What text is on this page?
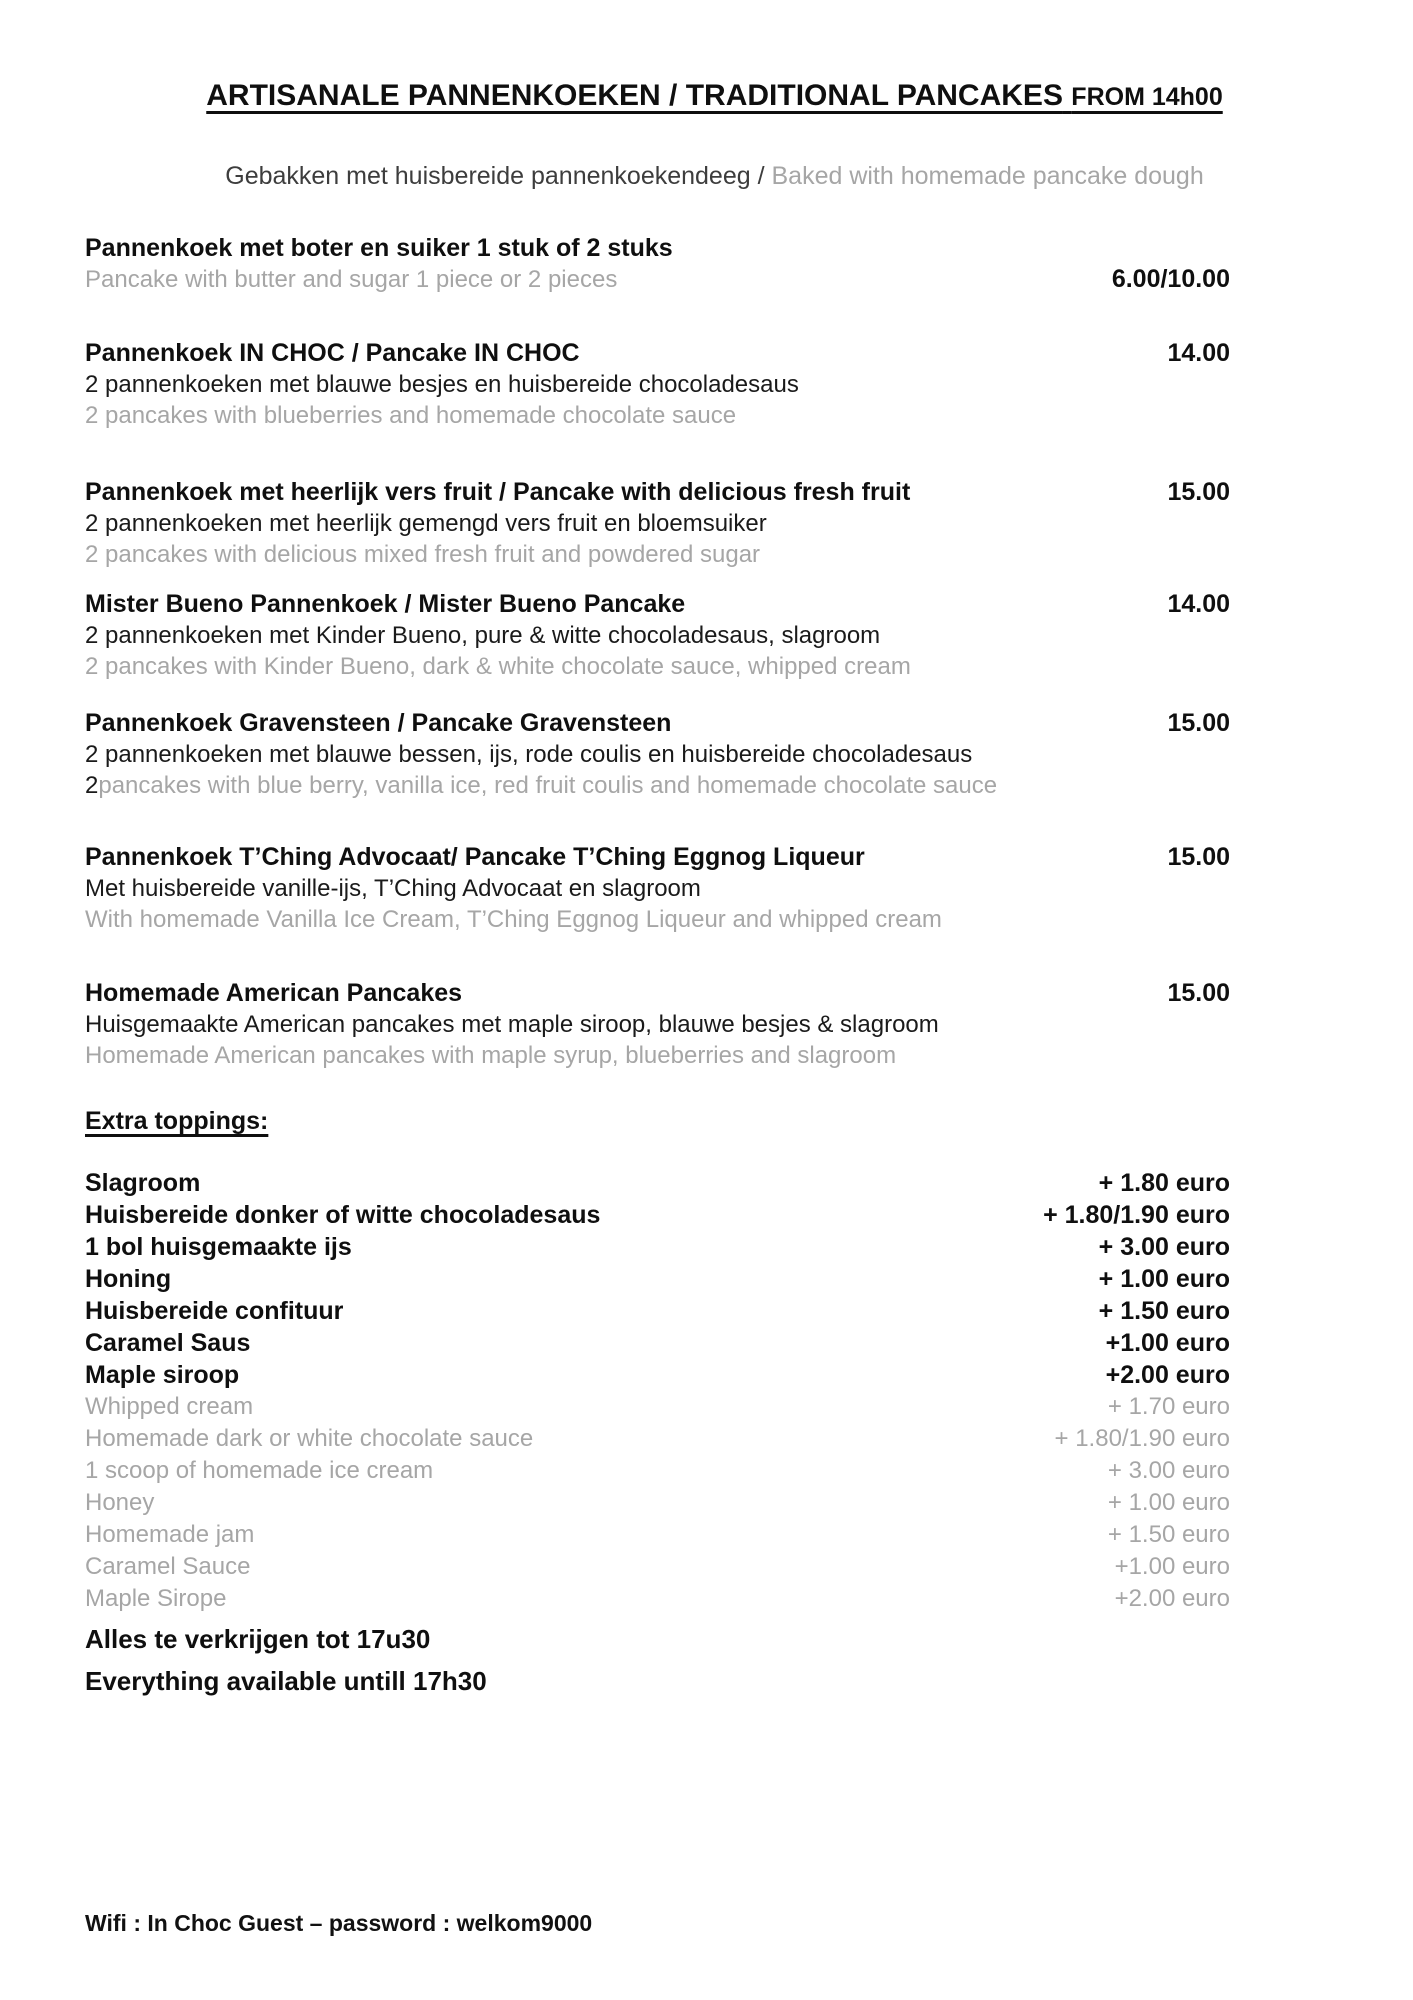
ARTISANALE PANNENKOEKEN / TRADITIONAL PANCAKES FROM 14h00

Gebakken met huisbereide pannenkoekendeeg / Baked with homemade pancake dough

Pannenkoek met boter en suiker 1 stuk of 2 stuks
Pancake with butter and sugar 1 piece or 2 pieces	6.00/10.00
Pannenkoek IN CHOC / Pancake IN CHOC	14.00
2 pannenkoeken met blauwe besjes en huisbereide chocoladesaus
2 pancakes with blueberries and homemade chocolate sauce
Pannenkoek met heerlijk vers fruit / Pancake with delicious fresh fruit	15.00
2 pannenkoeken met heerlijk gemengd vers fruit en bloemsuiker
2 pancakes with delicious mixed fresh fruit and powdered sugar
Mister Bueno Pannenkoek / Mister Bueno Pancake	14.00
2 pannenkoeken met Kinder Bueno, pure & witte chocoladesaus, slagroom
2 pancakes with Kinder Bueno, dark & white chocolate sauce, whipped cream
Pannenkoek Gravensteen / Pancake Gravensteen	15.00
2 pannenkoeken met blauwe bessen, ijs, rode coulis en huisbereide chocoladesaus
2 pancakes with blue berry, vanilla ice, red fruit coulis and homemade chocolate sauce
Pannenkoek T’Ching Advocaat/ Pancake T’Ching Eggnog Liqueur	15.00
Met huisbereide vanille-ijs, T’Ching Advocaat en slagroom
With homemade Vanilla Ice Cream, T’Ching Eggnog Liqueur and whipped cream
Homemade American Pancakes	15.00
Huisgemaakte American pancakes met maple siroop, blauwe besjes & slagroom
Homemade American pancakes with maple syrup, blueberries and slagroom
Extra toppings:
Slagroom	+ 1.80 euro
Huisbereide donker of witte chocoladesaus	+ 1.80/1.90 euro
1 bol huisgemaakte ijs	+ 3.00 euro
Honing	+ 1.00 euro
Huisbereide confituur	+ 1.50 euro
Caramel Saus	+1.00 euro
Maple siroop	+2.00 euro
Whipped cream	+ 1.70 euro
Homemade dark or white chocolate sauce	+ 1.80/1.90 euro
1 scoop of homemade ice cream	+ 3.00 euro
Honey	+ 1.00 euro
Homemade jam	+ 1.50 euro
Caramel Sauce	+1.00 euro
Maple Sirope	+2.00 euro

Alles te verkrijgen tot 17u30

Everything available untill 17h30

Wifi : In Choc Guest – password : welkom9000
